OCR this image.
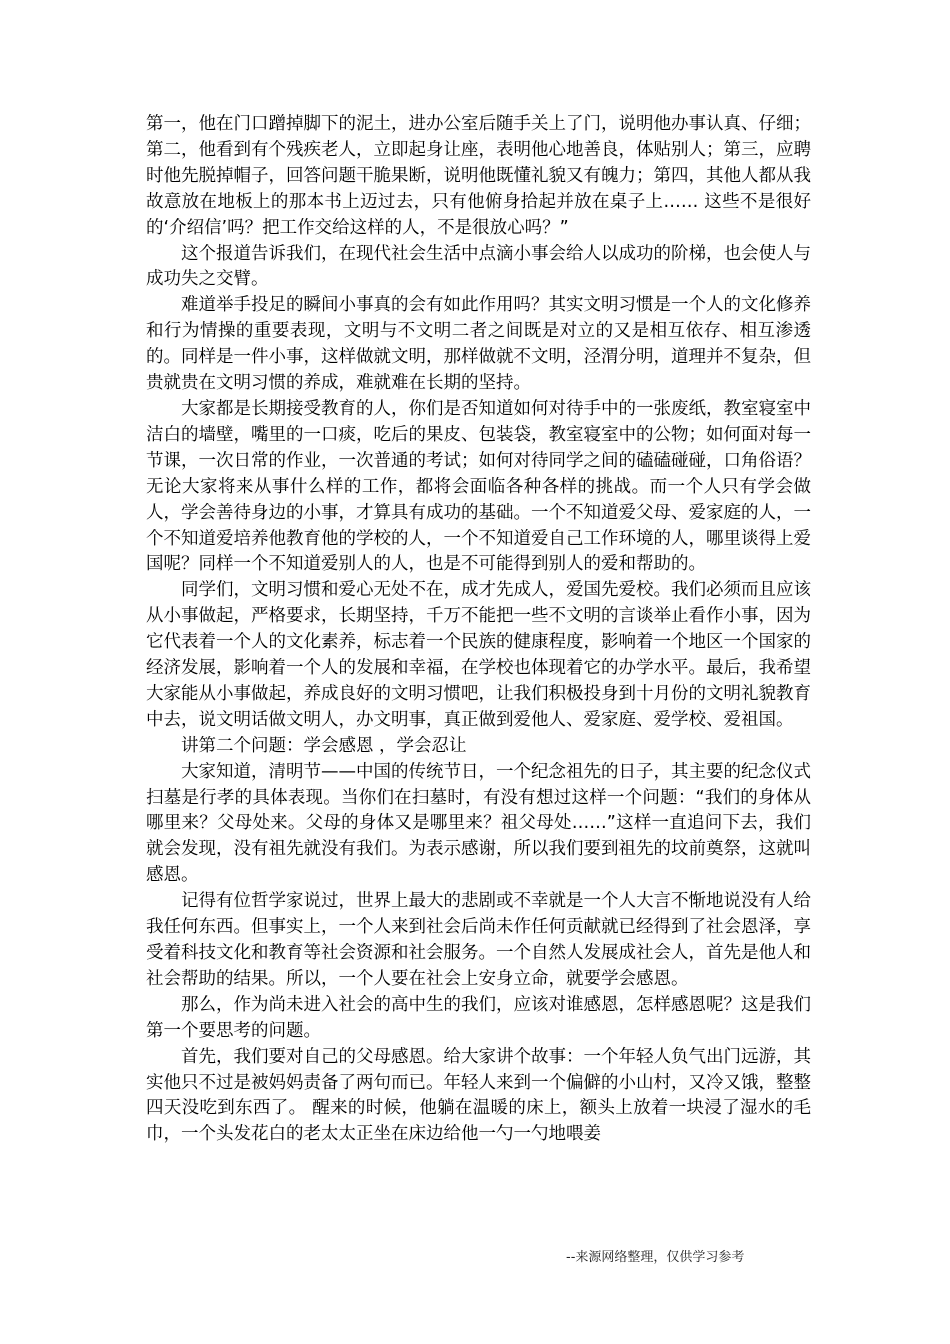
第一，他在门口蹭掉脚下的泥土，进办公室后随手关上了门，说明他办事认真、仔细；第二，他看到有个残疾老人，立即起身让座，表明他心地善良，体贴别人；第三，应聘时他先脱掉帽子，回答问题干脆果断，说明他既懂礼貌又有魄力；第四，其他人都从我故意放在地板上的那本书上迈过去，只有他俯身拾起并放在桌子上…… 这些不是很好的‘介绍信’吗？把工作交给这样的人，不是很放心吗？”

这个报道告诉我们，在现代社会生活中点滴小事会给人以成功的阶梯，也会使人与成功失之交臂。

难道举手投足的瞬间小事真的会有如此作用吗？其实文明习惯是一个人的文化修养和行为情操的重要表现，文明与不文明二者之间既是对立的又是相互依存、相互渗透的。同样是一件小事，这样做就文明，那样做就不文明，泾渭分明，道理并不复杂，但贵就贵在文明习惯的养成，难就难在长期的坚持。

大家都是长期接受教育的人，你们是否知道如何对待手中的一张废纸，教室寝室中洁白的墙壁，嘴里的一口痰，吃后的果皮、包装袋，教室寝室中的公物；如何面对每一节课，一次日常的作业，一次普通的考试；如何对待同学之间的磕磕碰碰，口角俗语？无论大家将来从事什么样的工作，都将会面临各种各样的挑战。而一个人只有学会做人，学会善待身边的小事，才算具有成功的基础。一个不知道爱父母、爱家庭的人，一个不知道爱培养他教育他的学校的人，一个不知道爱自己工作环境的人，哪里谈得上爱国呢？同样一个不知道爱别人的人，也是不可能得到别人的爱和帮助的。

同学们，文明习惯和爱心无处不在，成才先成人，爱国先爱校。我们必须而且应该从小事做起，严格要求，长期坚持，千万不能把一些不文明的言谈举止看作小事，因为它代表着一个人的文化素养，标志着一个民族的健康程度，影响着一个地区一个国家的经济发展，影响着一个人的发展和幸福，在学校也体现着它的办学水平。最后，我希望大家能从小事做起，养成良好的文明习惯吧，让我们积极投身到十月份的文明礼貌教育中去，说文明话做文明人，办文明事，真正做到爱他人、爱家庭、爱学校、爱祖国。

讲第二个问题：学会感恩 ，学会忍让

大家知道，清明节——中国的传统节日，一个纪念祖先的日子，其主要的纪念仪式扫墓是行孝的具体表现。当你们在扫墓时，有没有想过这样一个问题：“我们的身体从哪里来？父母处来。父母的身体又是哪里来？祖父母处……”这样一直追问下去，我们就会发现，没有祖先就没有我们。为表示感谢，所以我们要到祖先的坟前奠祭，这就叫感恩。

记得有位哲学家说过，世界上最大的悲剧或不幸就是一个人大言不惭地说没有人给我任何东西。但事实上，一个人来到社会后尚未作任何贡献就已经得到了社会恩泽，享受着科技文化和教育等社会资源和社会服务。一个自然人发展成社会人，首先是他人和社会帮助的结果。所以，一个人要在社会上安身立命，就要学会感恩。

那么，作为尚未进入社会的高中生的我们，应该对谁感恩，怎样感恩呢？这是我们第一个要思考的问题。

首先，我们要对自己的父母感恩。给大家讲个故事：一个年轻人负气出门远游，其实他只不过是被妈妈责备了两句而已。年轻人来到一个偏僻的小山村，又冷又饿，整整四天没吃到东西了。 醒来的时候，他躺在温暖的床上，额头上放着一块浸了湿水的毛巾，一个头发花白的老太太正坐在床边给他一勺一勺地喂姜

--来源网络整理，仅供学习参考
